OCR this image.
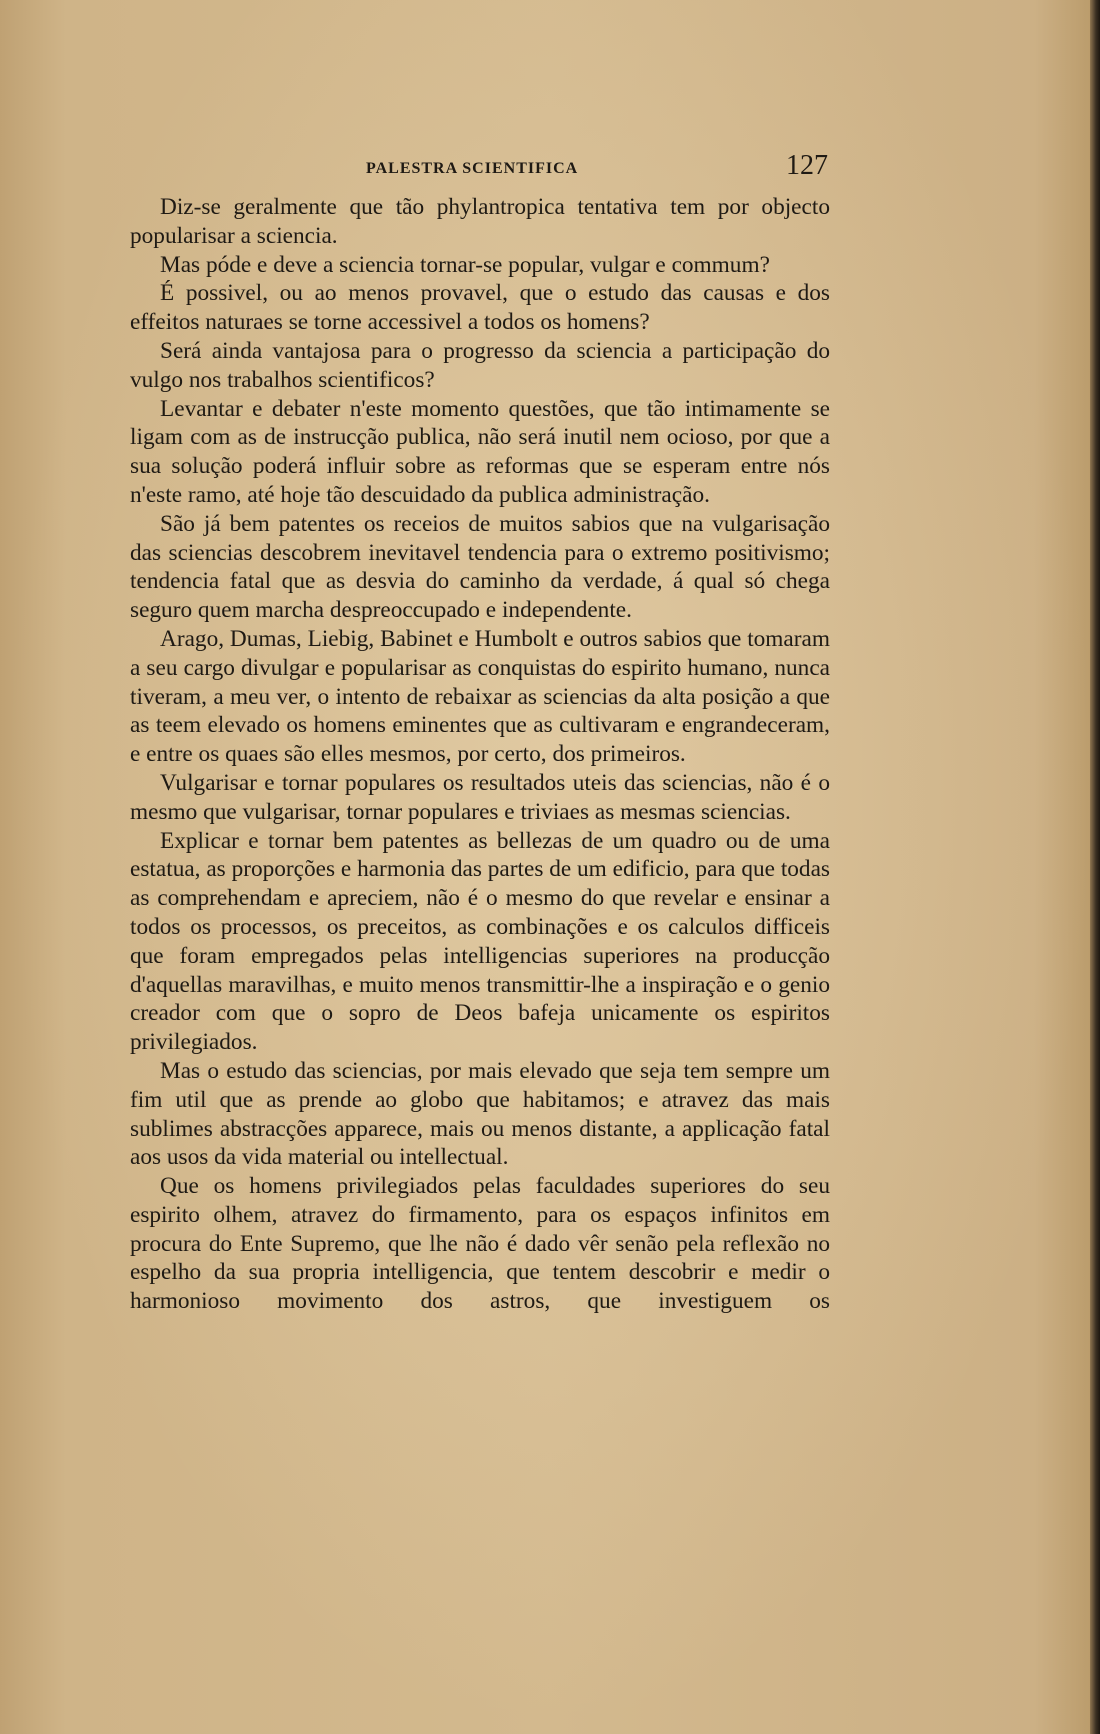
PALESTRA SCIENTIFICA	127

Diz-se geralmente que tão phylantropica tentativa tem por objecto popularisar a sciencia.

Mas póde e deve a sciencia tornar-se popular, vulgar e commum?

É possivel, ou ao menos provavel, que o estudo das causas e dos effeitos naturaes se torne accessivel a todos os homens?

Será ainda vantajosa para o progresso da sciencia a participação do vulgo nos trabalhos scientificos?

Levantar e debater n'este momento questões, que tão intimamente se ligam com as de instrucção publica, não será inutil nem ocioso, por que a sua solução poderá influir sobre as reformas que se esperam entre nós n'este ramo, até hoje tão descuidado da publica administração.

São já bem patentes os receios de muitos sabios que na vulgarisação das sciencias descobrem inevitavel tendencia para o extremo positivismo; tendencia fatal que as desvia do caminho da verdade, á qual só chega seguro quem marcha despreoccupado e independente.

Arago, Dumas, Liebig, Babinet e Humbolt e outros sabios que tomaram a seu cargo divulgar e popularisar as conquistas do espirito humano, nunca tiveram, a meu ver, o intento de rebaixar as sciencias da alta posição a que as teem elevado os homens eminentes que as cultivaram e engrandeceram, e entre os quaes são elles mesmos, por certo, dos primeiros.

Vulgarisar e tornar populares os resultados uteis das sciencias, não é o mesmo que vulgarisar, tornar populares e triviaes as mesmas sciencias.

Explicar e tornar bem patentes as bellezas de um quadro ou de uma estatua, as proporções e harmonia das partes de um edificio, para que todas as comprehendam e apreciem, não é o mesmo do que revelar e ensinar a todos os processos, os preceitos, as combinações e os calculos difficeis que foram empregados pelas intelligencias superiores na producção d'aquellas maravilhas, e muito menos transmittir-lhe a inspiração e o genio creador com que o sopro de Deos bafeja unicamente os espiritos privilegiados.

Mas o estudo das sciencias, por mais elevado que seja tem sempre um fim util que as prende ao globo que habitamos; e atravez das mais sublimes abstracções apparece, mais ou menos distante, a applicação fatal aos usos da vida material ou intellectual.

Que os homens privilegiados pelas faculdades superiores do seu espirito olhem, atravez do firmamento, para os espaços infinitos em procura do Ente Supremo, que lhe não é dado vêr senão pela reflexão no espelho da sua propria intelligencia, que tentem descobrir e medir o harmonioso movimento dos astros, que investiguem os
